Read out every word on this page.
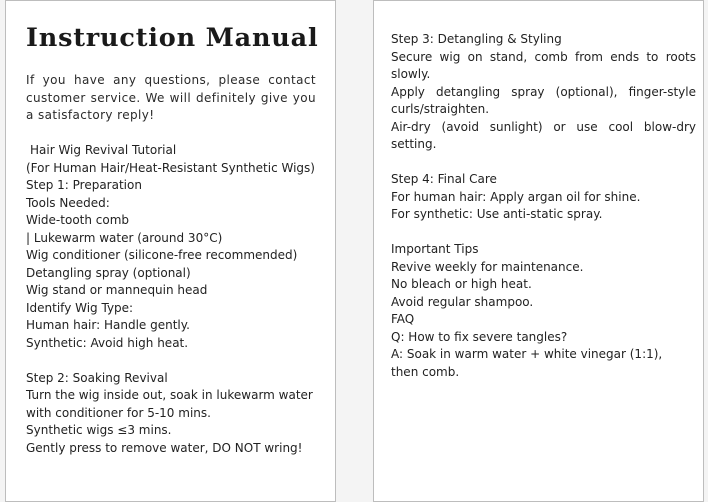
Instruction Manual
If you have any questions, please contact customer service. We will definitely give you a satisfactory reply!
Hair Wig Revival Tutorial
(For Human Hair/Heat-Resistant Synthetic Wigs)
Step 1: Preparation
Tools Needed:
Wide-tooth comb
| Lukewarm water (around 30°C)
Wig conditioner (silicone-free recommended)
Detangling spray (optional)
Wig stand or mannequin head
Identify Wig Type:
Human hair: Handle gently.
Synthetic: Avoid high heat.
Step 2: Soaking Revival
Turn the wig inside out, soak in lukewarm water with conditioner for 5-10 mins.
Synthetic wigs ≤3 mins.
Gently press to remove water, DO NOT wring!
Step 3: Detangling & Styling
Secure wig on stand, comb from ends to roots slowly.
Apply detangling spray (optional), finger-style curls/straighten.
Air-dry (avoid sunlight) or use cool blow-dry setting.
Step 4: Final Care
For human hair: Apply argan oil for shine.
For synthetic: Use anti-static spray.
Important Tips
Revive weekly for maintenance.
No bleach or high heat.
Avoid regular shampoo.
FAQ
Q: How to fix severe tangles?
A: Soak in warm water + white vinegar (1:1), then comb.
